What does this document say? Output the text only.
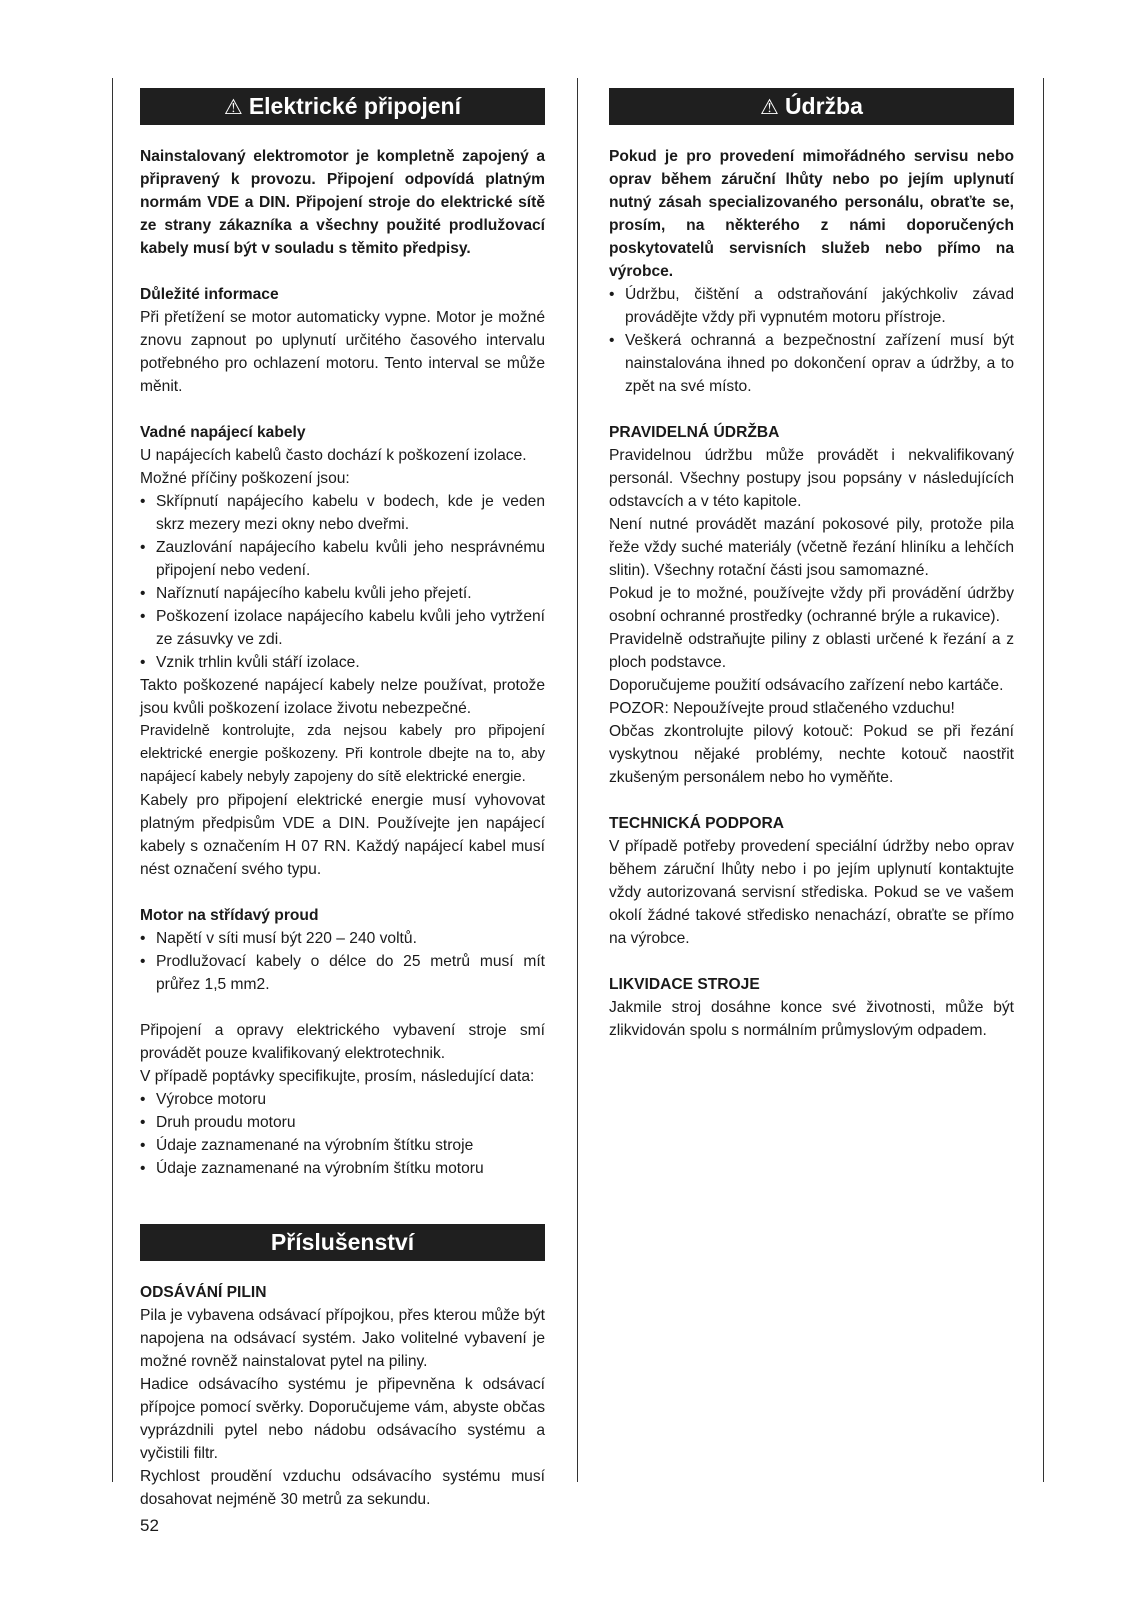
⚠ Elektrické připojení

Nainstalovaný elektromotor je kompletně zapojený a připravený k provozu. Připojení odpovídá platným normám VDE a DIN. Připojení stroje do elektrické sítě ze strany zákazníka a všechny použité prodlužovací kabely musí být v souladu s těmito předpisy.

Důležité informace

Při přetížení se motor automaticky vypne. Motor je možné znovu zapnout po uplynutí určitého časového intervalu potřebného pro ochlazení motoru. Tento interval se může měnit.

Vadné napájecí kabely

U napájecích kabelů často dochází k poškození izolace.

Možné příčiny poškození jsou:

• Skřípnutí napájecího kabelu v bodech, kde je veden skrz mezery mezi okny nebo dveřmi.
• Zauzlování napájecího kabelu kvůli jeho nesprávnému připojení nebo vedení.
• Naříznutí napájecího kabelu kvůli jeho přejetí.
• Poškození izolace napájecího kabelu kvůli jeho vytržení ze zásuvky ve zdi.
• Vznik trhlin kvůli stáří izolace.

Takto poškozené napájecí kabely nelze používat, protože jsou kvůli poškození izolace životu nebezpečné.

Pravidelně kontrolujte, zda nejsou kabely pro připojení elektrické energie poškozeny. Při kontrole dbejte na to, aby napájecí kabely nebyly zapojeny do sítě elektrické energie.

Kabely pro připojení elektrické energie musí vyhovovat platným předpisům VDE a DIN. Používejte jen napájecí kabely s označením H 07 RN. Každý napájecí kabel musí nést označení svého typu.

Motor na střídavý proud

• Napětí v síti musí být 220 – 240 voltů.
• Prodlužovací kabely o délce do 25 metrů musí mít průřez 1,5 mm2.

Připojení a opravy elektrického vybavení stroje smí provádět pouze kvalifikovaný elektrotechnik.

V případě poptávky specifikujte, prosím, následující data:

• Výrobce motoru
• Druh proudu motoru
• Údaje zaznamenané na výrobním štítku stroje
• Údaje zaznamenané na výrobním štítku motoru
Příslušenství

ODSÁVÁNÍ PILIN

Pila je vybavena odsávací přípojkou, přes kterou může být napojena na odsávací systém. Jako volitelné vybavení je možné rovněž nainstalovat pytel na piliny.

Hadice odsávacího systému je připevněna k odsávací přípojce pomocí svěrky. Doporučujeme vám, abyste občas vyprázdnili pytel nebo nádobu odsávacího systému a vyčistili filtr.

Rychlost proudění vzduchu odsávacího systému musí dosahovat nejméně 30 metrů za sekundu.

⚠ Údržba

Pokud je pro provedení mimořádného servisu nebo oprav během záruční lhůty nebo po jejím uplynutí nutný zásah specializovaného personálu, obraťte se, prosím, na některého z námi doporučených poskytovatelů servisních služeb nebo přímo na výrobce.

• Údržbu, čištění a odstraňování jakýchkoliv závad provádějte vždy při vypnutém motoru přístroje.
• Veškerá ochranná a bezpečnostní zařízení musí být nainstalována ihned po dokončení oprav a údržby, a to zpět na své místo.

PRAVIDELNÁ ÚDRŽBA

Pravidelnou údržbu může provádět i nekvalifikovaný personál. Všechny postupy jsou popsány v následujících odstavcích a v této kapitole.

Není nutné provádět mazání pokosové pily, protože pila řeže vždy suché materiály (včetně řezání hliníku a lehčích slitin). Všechny rotační části jsou samomazné.

Pokud je to možné, používejte vždy při provádění údržby osobní ochranné prostředky (ochranné brýle a rukavice).

Pravidelně odstraňujte piliny z oblasti určené k řezání a z ploch podstavce.

Doporučujeme použití odsávacího zařízení nebo kartáče.

POZOR: Nepoužívejte proud stlačeného vzduchu!

Občas zkontrolujte pilový kotouč: Pokud se při řezání vyskytnou nějaké problémy, nechte kotouč naostřit zkušeným personálem nebo ho vyměňte.

TECHNICKÁ PODPORA

V případě potřeby provedení speciální údržby nebo oprav během záruční lhůty nebo i po jejím uplynutí kontaktujte vždy autorizovaná servisní střediska. Pokud se ve vašem okolí žádné takové středisko nenachází, obraťte se přímo na výrobce.

LIKVIDACE STROJE

Jakmile stroj dosáhne konce své životnosti, může být zlikvidován spolu s normálním průmyslovým odpadem.

52
